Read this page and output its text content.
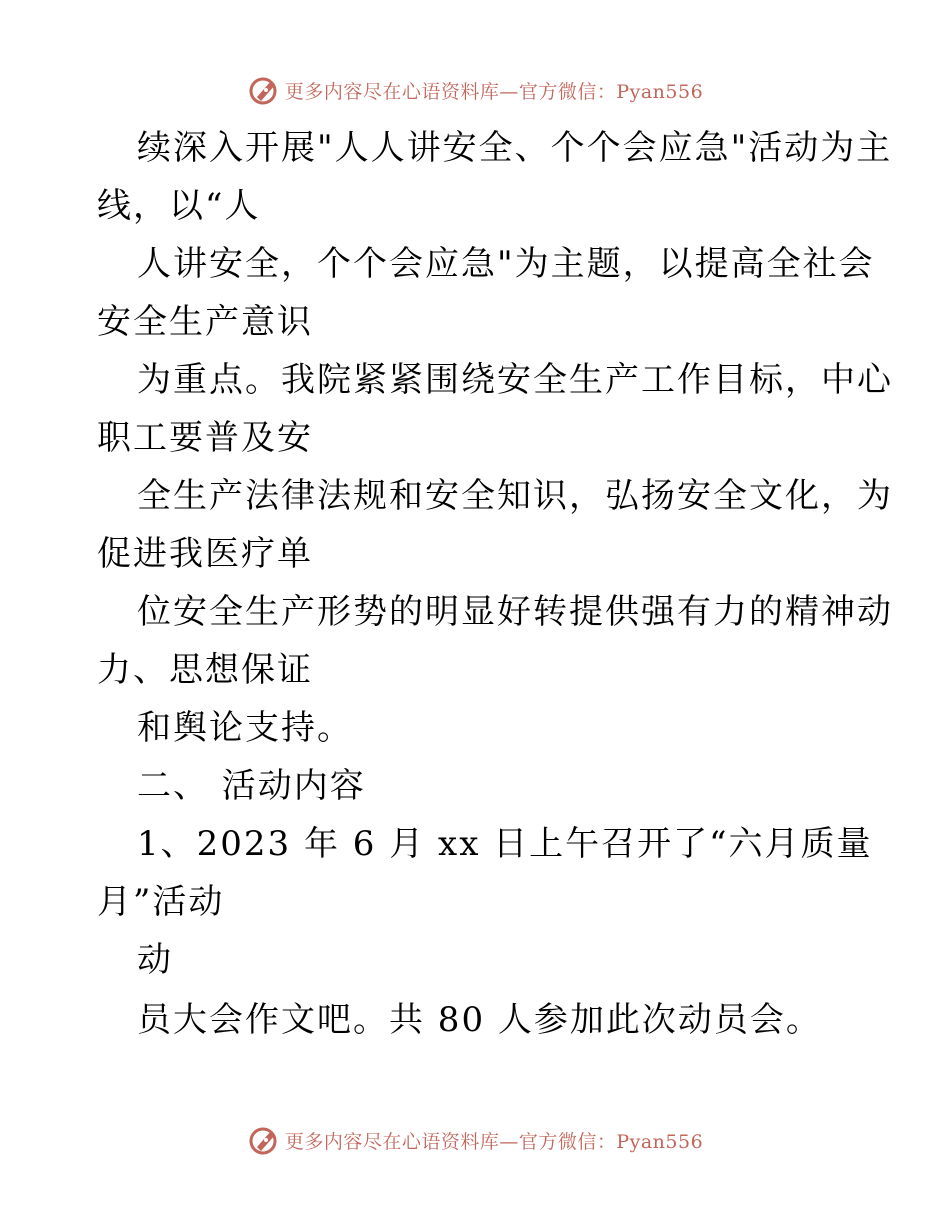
更多内容尽在心语资料库—官方微信：Pyan556
续深入开展"人人讲安全、个个会应急"活动为主
线，以“人
人讲安全，个个会应急"为主题，以提高全社会
安全生产意识
为重点。我院紧紧围绕安全生产工作目标，中心
职工要普及安
全生产法律法规和安全知识，弘扬安全文化，为
促进我医疗单
位安全生产形势的明显好转提供强有力的精神动
力、思想保证
和舆论支持。
二、 活动内容
1、2023 年 6 月 xx 日上午召开了“六月质量
月”活动
动
员大会作文吧。共 80 人参加此次动员会。
更多内容尽在心语资料库—官方微信：Pyan556
